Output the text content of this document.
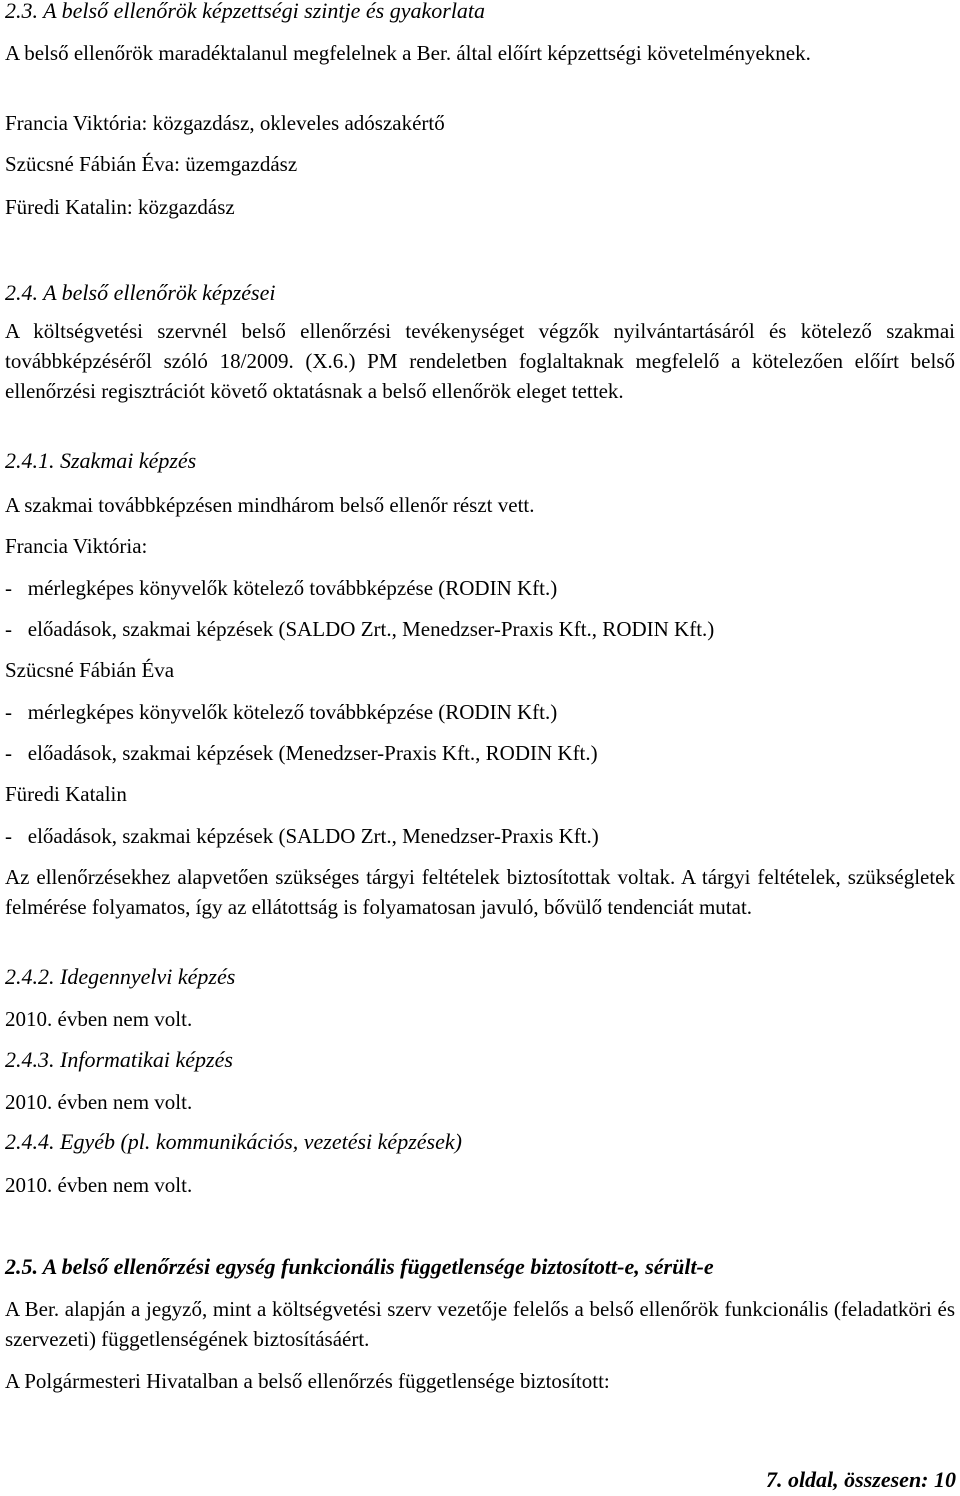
2.3. A belső ellenőrök képzettségi szintje és gyakorlata

A belső ellenőrök maradéktalanul megfelelnek a Ber. által előírt képzettségi követelményeknek.

Francia Viktória: közgazdász, okleveles adószakértő

Szücsné Fábián Éva: üzemgazdász

Füredi Katalin: közgazdász

2.4. A belső ellenőrök képzései

A költségvetési szervnél belső ellenőrzési tevékenységet végzők nyilvántartásáról és kötelező szakmai továbbképzéséről szóló 18/2009. (X.6.) PM rendeletben foglaltaknak megfelelő a kötelezően előírt belső ellenőrzési regisztrációt követő oktatásnak a belső ellenőrök eleget tettek.

2.4.1. Szakmai képzés

A szakmai továbbképzésen mindhárom belső ellenőr részt vett.

Francia Viktória:

-   mérlegképes könyvelők kötelező továbbképzése (RODIN Kft.)

-   előadások, szakmai képzések (SALDO Zrt., Menedzser-Praxis Kft., RODIN Kft.)

Szücsné Fábián Éva

-   mérlegképes könyvelők kötelező továbbképzése (RODIN Kft.)

-   előadások, szakmai képzések (Menedzser-Praxis Kft., RODIN Kft.)

Füredi Katalin

-   előadások, szakmai képzések (SALDO Zrt., Menedzser-Praxis Kft.)

Az ellenőrzésekhez alapvetően szükséges tárgyi feltételek biztosítottak voltak. A tárgyi feltételek, szükségletek felmérése folyamatos, így az ellátottság is folyamatosan javuló, bővülő tendenciát mutat.

2.4.2. Idegennyelvi képzés

2010. évben nem volt.

2.4.3. Informatikai képzés

2010. évben nem volt.

2.4.4. Egyéb (pl. kommunikációs, vezetési képzések)

2010. évben nem volt.

2.5. A belső ellenőrzési egység funkcionális függetlensége biztosított-e, sérült-e

A Ber. alapján a jegyző, mint a költségvetési szerv vezetője felelős a belső ellenőrök funkcionális (feladatköri és szervezeti) függetlenségének biztosításáért.

A Polgármesteri Hivatalban a belső ellenőrzés függetlensége biztosított:

7. oldal, összesen: 10
